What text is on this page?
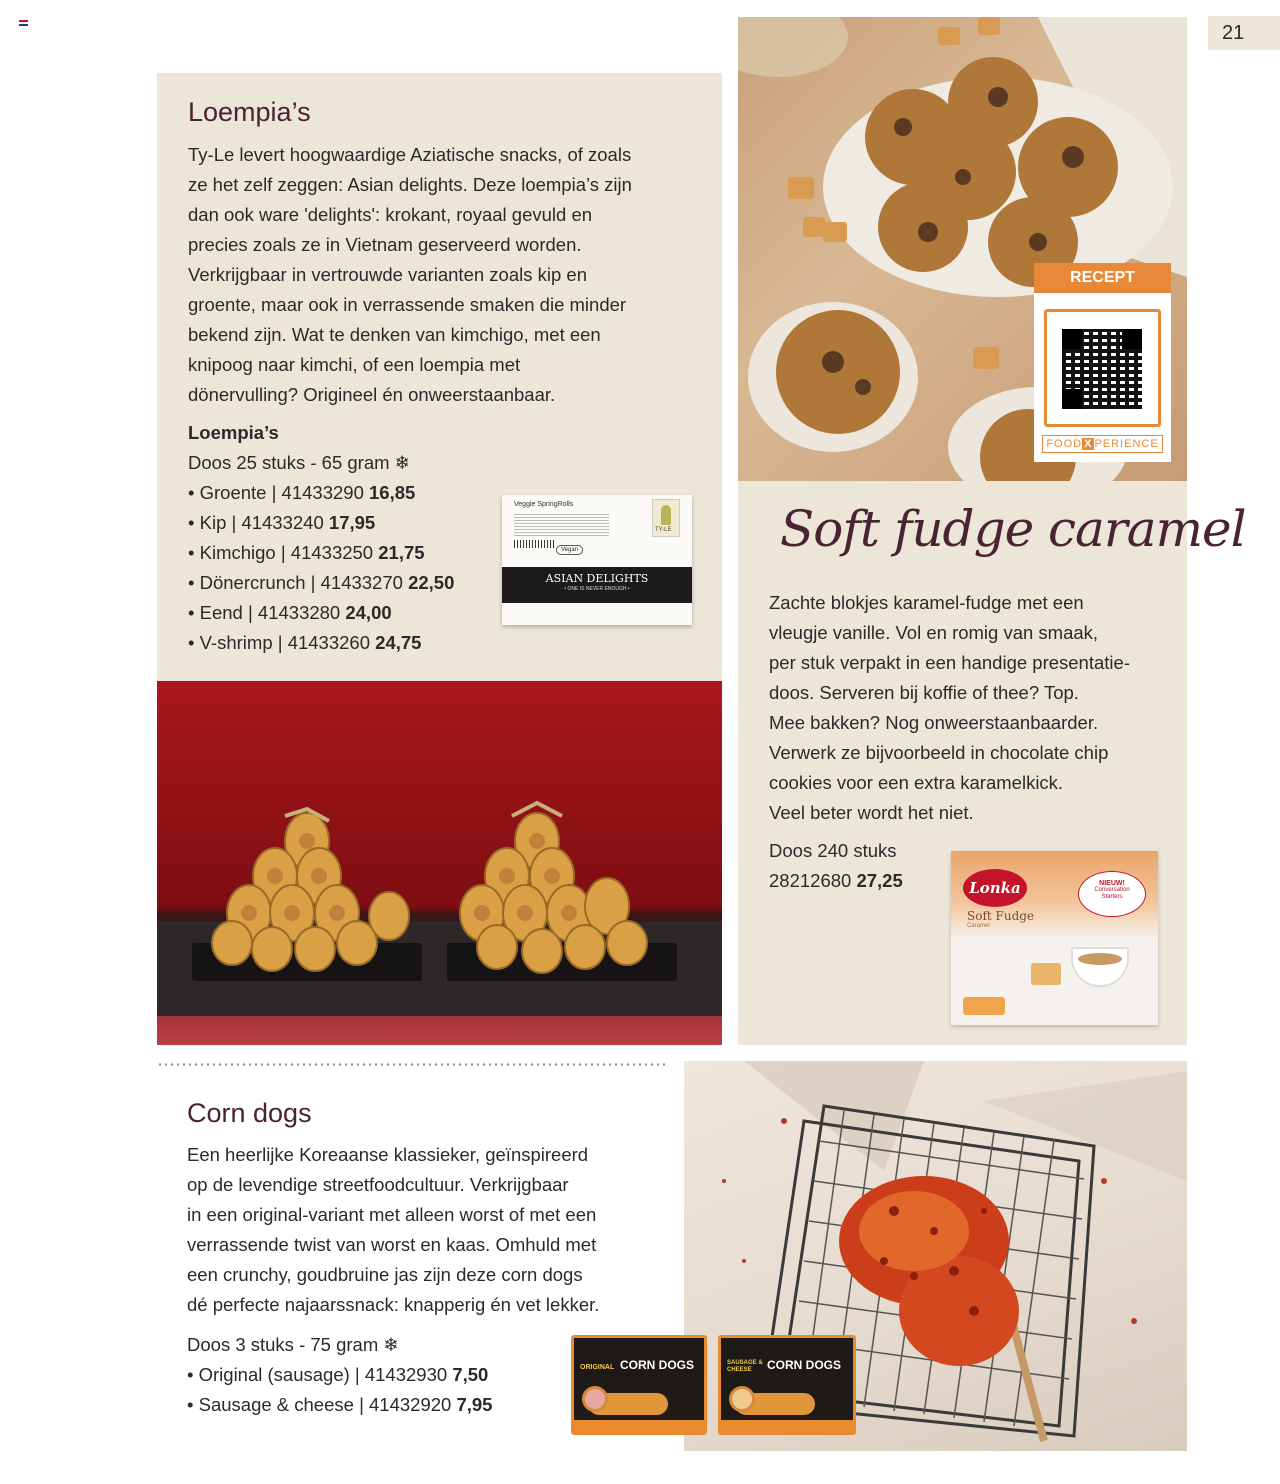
21
Loempia’s
Ty-Le levert hoogwaardige Aziatische snacks, of zoals
ze het zelf zeggen: Asian delights. Deze loempia’s zijn
dan ook ware 'delights': krokant, royaal gevuld en
precies zoals ze in Vietnam geserveerd worden.
Verkrijgbaar in vertrouwde varianten zoals kip en
groente, maar ook in verrassende smaken die minder
bekend zijn. Wat te denken van kimchigo, met een
knipoog naar kimchi, of een loempia met
dönervulling? Origineel én onweerstaanbaar.
Loempia’s
Doos 25 stuks - 65 gram ❄
• Groente | 41433290 16,85
• Kip | 41433240 17,95
• Kimchigo | 41433250 21,75
• Dönercrunch | 41433270 22,50
• Eend | 41433280 24,00
• V-shrimp | 41433260 24,75
Veggie SpringRolls
Vegan
TY-LE
ASIAN DELIGHTS
• ONE IS NEVER ENOUGH •
RECEPT
FOOD X PERIENCE
Soft fudge caramel
Zachte blokjes karamel-fudge met een
vleugje vanille. Vol en romig van smaak,
per stuk verpakt in een handige presentatie-
doos. Serveren bij koffie of thee? Top.
Mee bakken? Nog onweerstaanbaarder.
Verwerk ze bijvoorbeeld in chocolate chip
cookies voor een extra karamelkick.
Veel beter wordt het niet.
Doos 240 stuks
28212680 27,25	Lonka
Soft Fudge
Caramel
NIEUW!
Conversation Starters
Corn dogs
Een heerlijke Koreaanse klassieker, geïnspireerd
op de levendige streetfoodcultuur. Verkrijgbaar
in een original-variant met alleen worst of met een
verrassende twist van worst en kaas. Omhuld met
een crunchy, goudbruine jas zijn deze corn dogs
dé perfecte najaarssnack: knapperig én vet lekker.
Doos 3 stuks - 75 gram ❄
• Original (sausage) | 41432930 7,50
• Sausage & cheese | 41432920 7,95
ORIGINAL CORN DOGS	SAUSAGE & CHEESE	CORN DOGS
